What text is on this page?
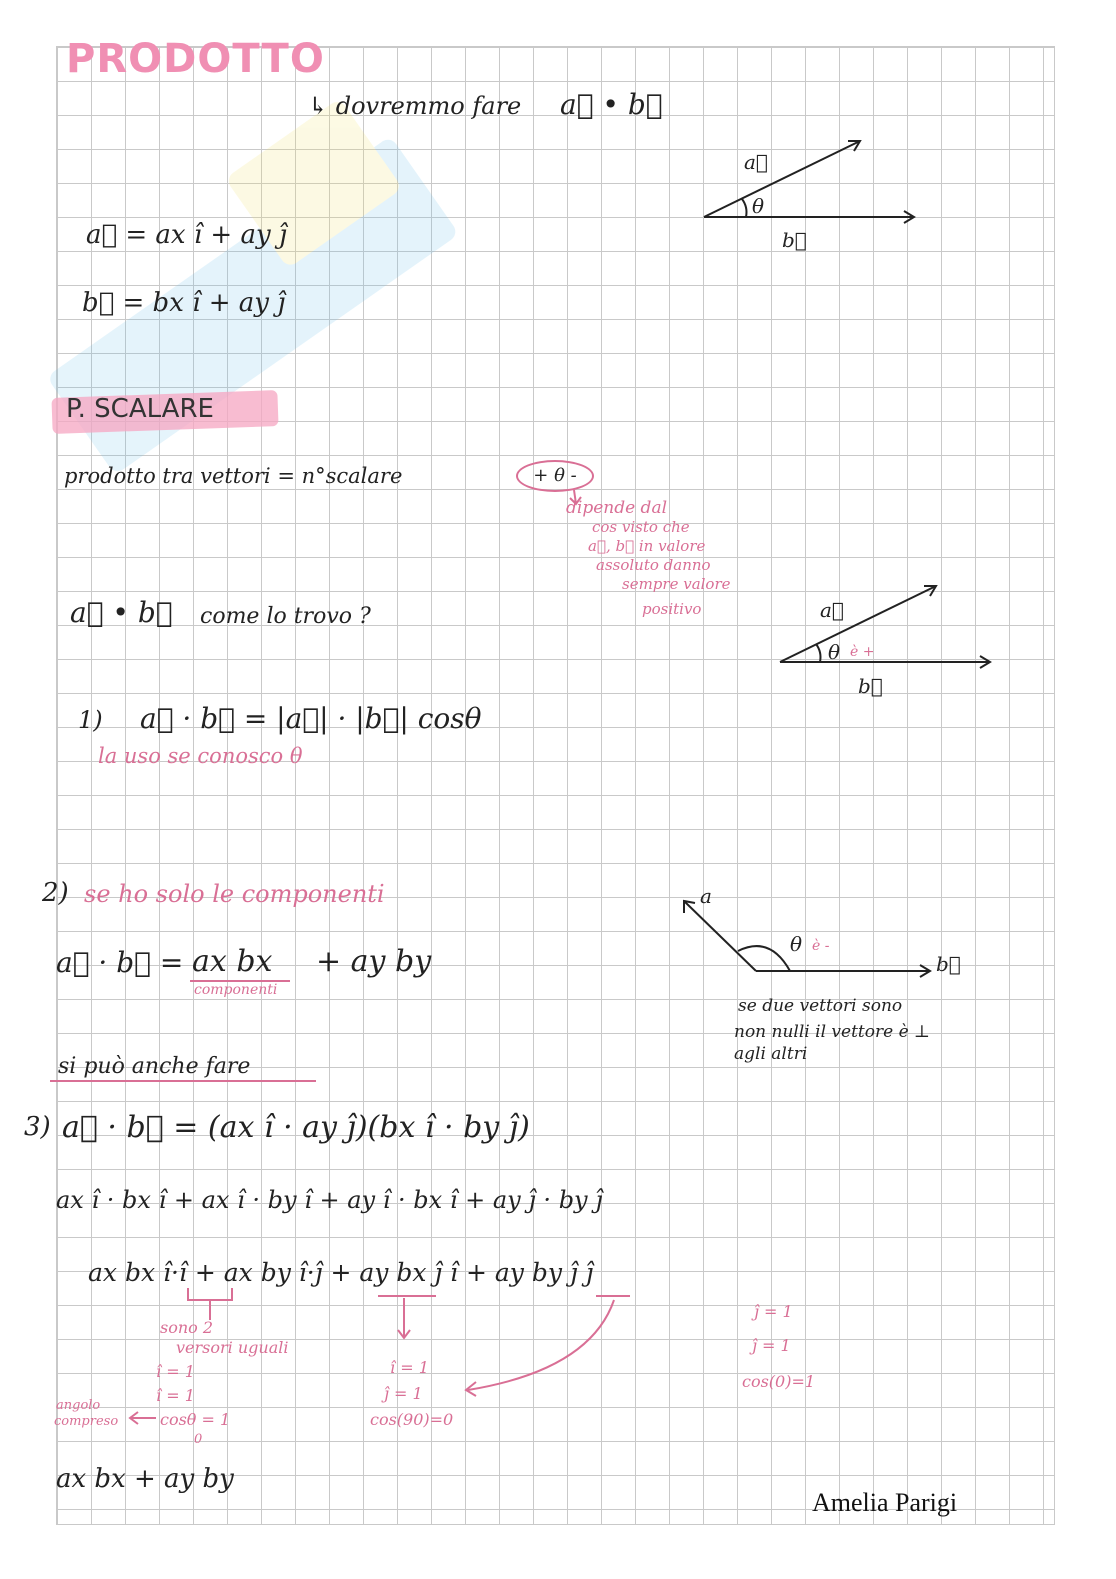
PRODOTTO
↳ dovremmo fare a⃗ • b⃗
a⃗
θ
b⃗
a⃗ = ax î + ay ĵ
b⃗ = bx î + ay ĵ
P. SCALARE
prodotto tra vettori = n°scalare	+ θ -
dipende dal
cos visto che
a⃗, b⃗ in valore
assoluto danno
sempre valore
positivo
a⃗ • b⃗ come lo trovo ?	a⃗
θ è +
b⃗
1) a⃗ · b⃗ = |a⃗| · |b⃗| cosθ
la uso se conosco θ
2) se ho solo le componenti
a⃗ · b⃗ = ax bx
componenti
+ ay by
a
θ è -
b⃗
se due vettori sono
non nulli il vettore è ⊥
agli altri
si può anche fare
3) a⃗ · b⃗ = (ax î · ay ĵ)(bx î · by ĵ)
ax î · bx î + ax î · by î + ay î · bx î + ay ĵ · by ĵ
ax bx î·î + ax by î·ĵ + ay bx ĵ î + ay by ĵ ĵ
sono 2
versori uguali
î = 1
î = 1
cosθ = 1
0
angolo
compreso
î = 1
ĵ = 1
cos(90)=0
ĵ = 1
ĵ = 1
cos(0)=1
ax bx + ay by
Amelia Parigi
